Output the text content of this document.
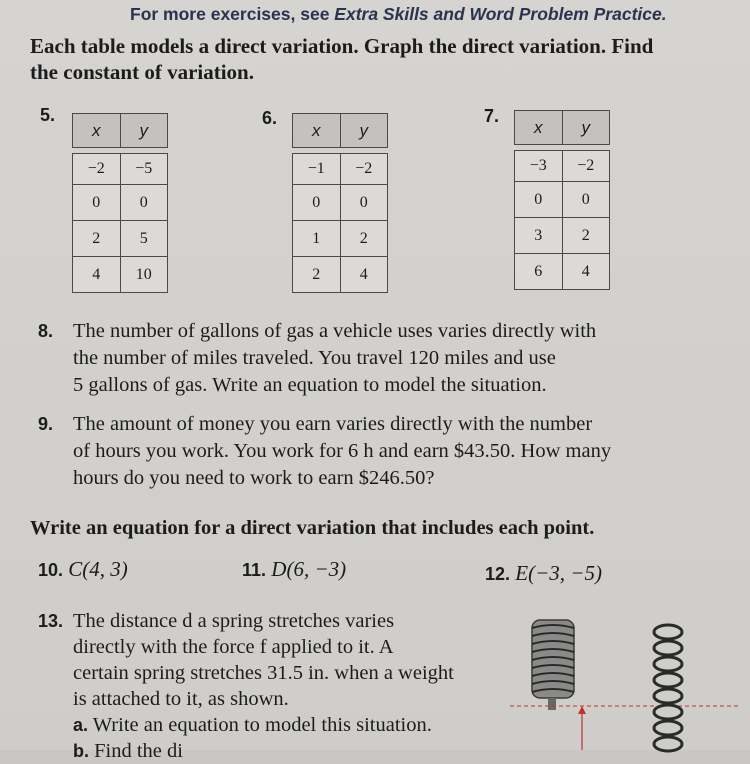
For more exercises, see Extra Skills and Word Problem Practice.
Each table models a direct variation. Graph the direct variation. Find
the constant of variation.
5.
x	y

−2	−5
0	0
2	5
4	10
6.
x	y

−1	−2
0	0
1	2
2	4
7.
x	y

−3	−2
0	0
3	2
6	4
8. The number of gallons of gas a vehicle uses varies directly with
the number of miles traveled. You travel 120 miles and use
5 gallons of gas. Write an equation to model the situation.
9. The amount of money you earn varies directly with the number
of hours you work. You work for 6 h and earn $43.50. How many
hours do you need to work to earn $246.50?
Write an equation for a direct variation that includes each point.
10. C(4, 3)	11. D(6, −3)	12. E(−3, −5)
13. The distance d a spring stretches varies
directly with the force f applied to it. A
certain spring stretches 31.5 in. when a weight
is attached to it, as shown.
a. Write an equation to model this situation.
b. Find the di
